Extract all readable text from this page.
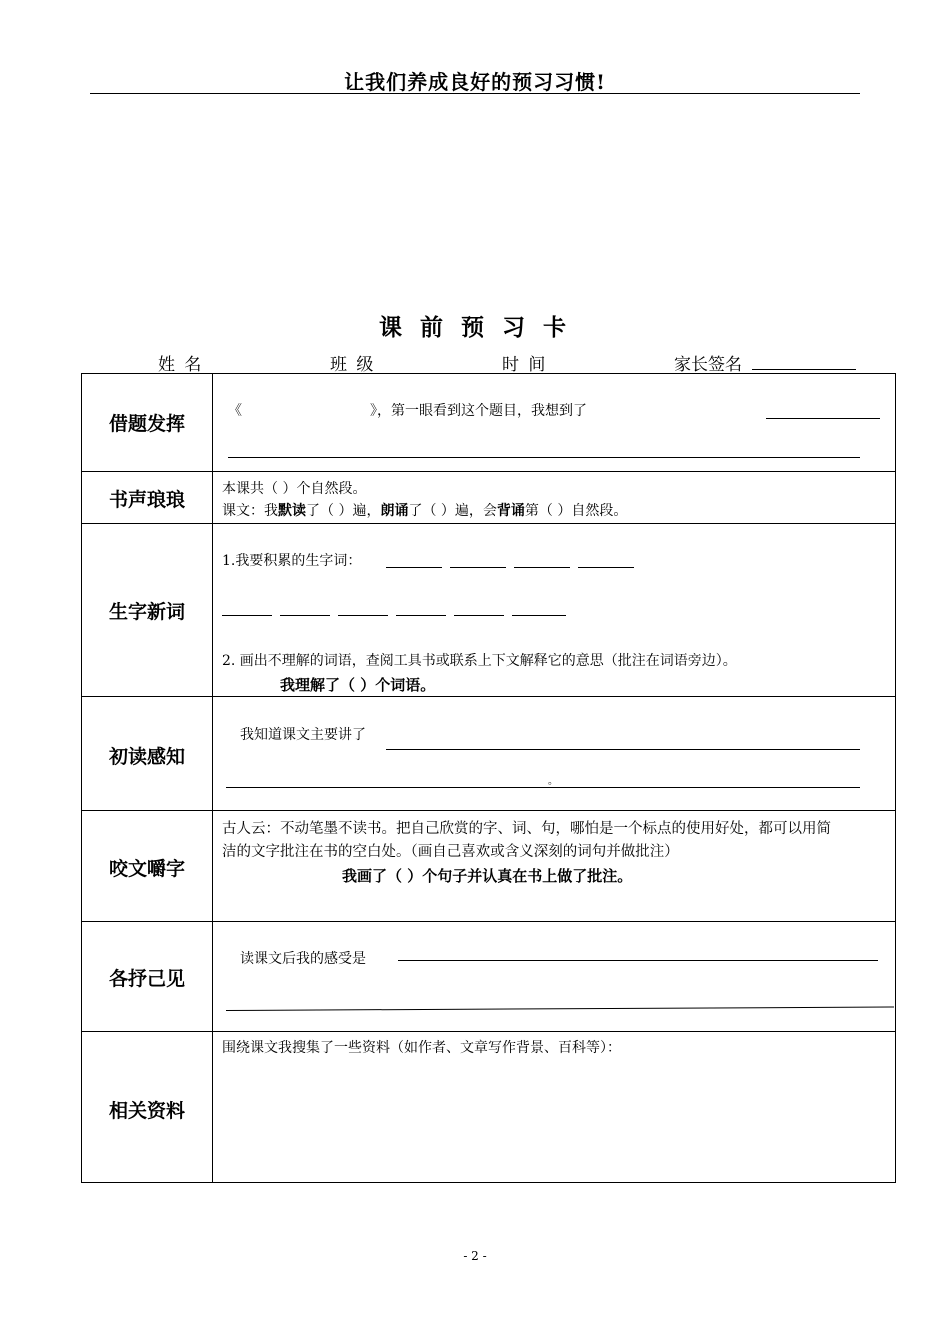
让我们养成良好的预习习惯!
课 前 预 习 卡
姓 名	班 级	时 间	家长签名
借题发挥
《	》，第一眼看到这个题目，我想到了
书声琅琅	本课共（ ）个自然段。
课文：我默读了（ ）遍，朗诵了（ ）遍，会背诵第（ ）自然段。
生字新词
1.我要积累的生字词：
2. 画出不理解的词语，查阅工具书或联系上下文解释它的意思（批注在词语旁边）。
我理解了（ ）个词语。
初读感知
我知道课文主要讲了
。
咬文嚼字
古人云：不动笔墨不读书。把自己欣赏的字、词、句，哪怕是一个标点的使用好处，都可以用简
洁的文字批注在书的空白处。（画自己喜欢或含义深刻的词句并做批注）
我画了（ ）个句子并认真在书上做了批注。
各抒己见
读课文后我的感受是
相关资料
围绕课文我搜集了一些资料（如作者、文章写作背景、百科等）：
- 2 -
